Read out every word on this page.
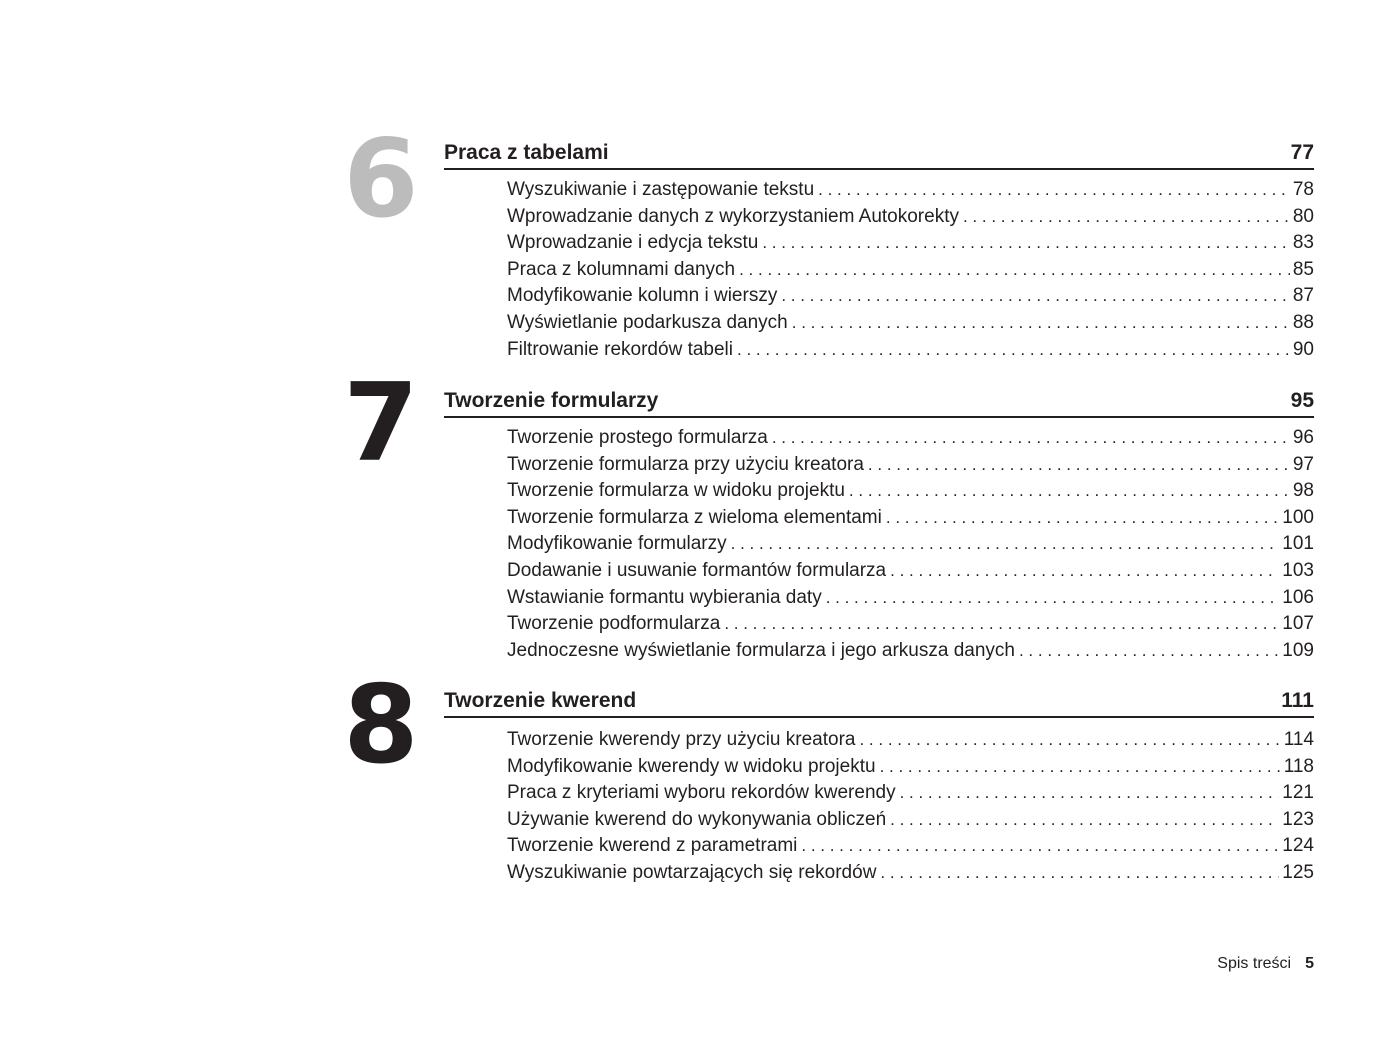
6 Praca z tabelami	77
Wyszukiwanie i zastępowanie tekstu . . .	78
Wprowadzanie danych z wykorzystaniem Autokorekty . . .	80
Wprowadzanie i edycja tekstu . . .	83
Praca z kolumnami danych . . .	85
Modyfikowanie kolumn i wierszy . . .	87
Wyświetlanie podarkusza danych . . .	88
Filtrowanie rekordów tabeli . . .	90
7 Tworzenie formularzy	95
Tworzenie prostego formularza . . .	96
Tworzenie formularza przy użyciu kreatora . . .	97
Tworzenie formularza w widoku projektu . . .	98
Tworzenie formularza z wieloma elementami . . .	100
Modyfikowanie formularzy . . .	101
Dodawanie i usuwanie formantów formularza . . .	103
Wstawianie formantu wybierania daty . . .	106
Tworzenie podformularza . . .	107
Jednoczesne wyświetlanie formularza i jego arkusza danych . . .	109
8 Tworzenie kwerend	111
Tworzenie kwerendy przy użyciu kreatora . . .	114
Modyfikowanie kwerendy w widoku projektu . . .	118
Praca z kryteriami wyboru rekordów kwerendy . . .	121
Używanie kwerend do wykonywania obliczeń . . .	123
Tworzenie kwerend z parametrami . . .	124
Wyszukiwanie powtarzających się rekordów . . .	125
Spis treści 5
